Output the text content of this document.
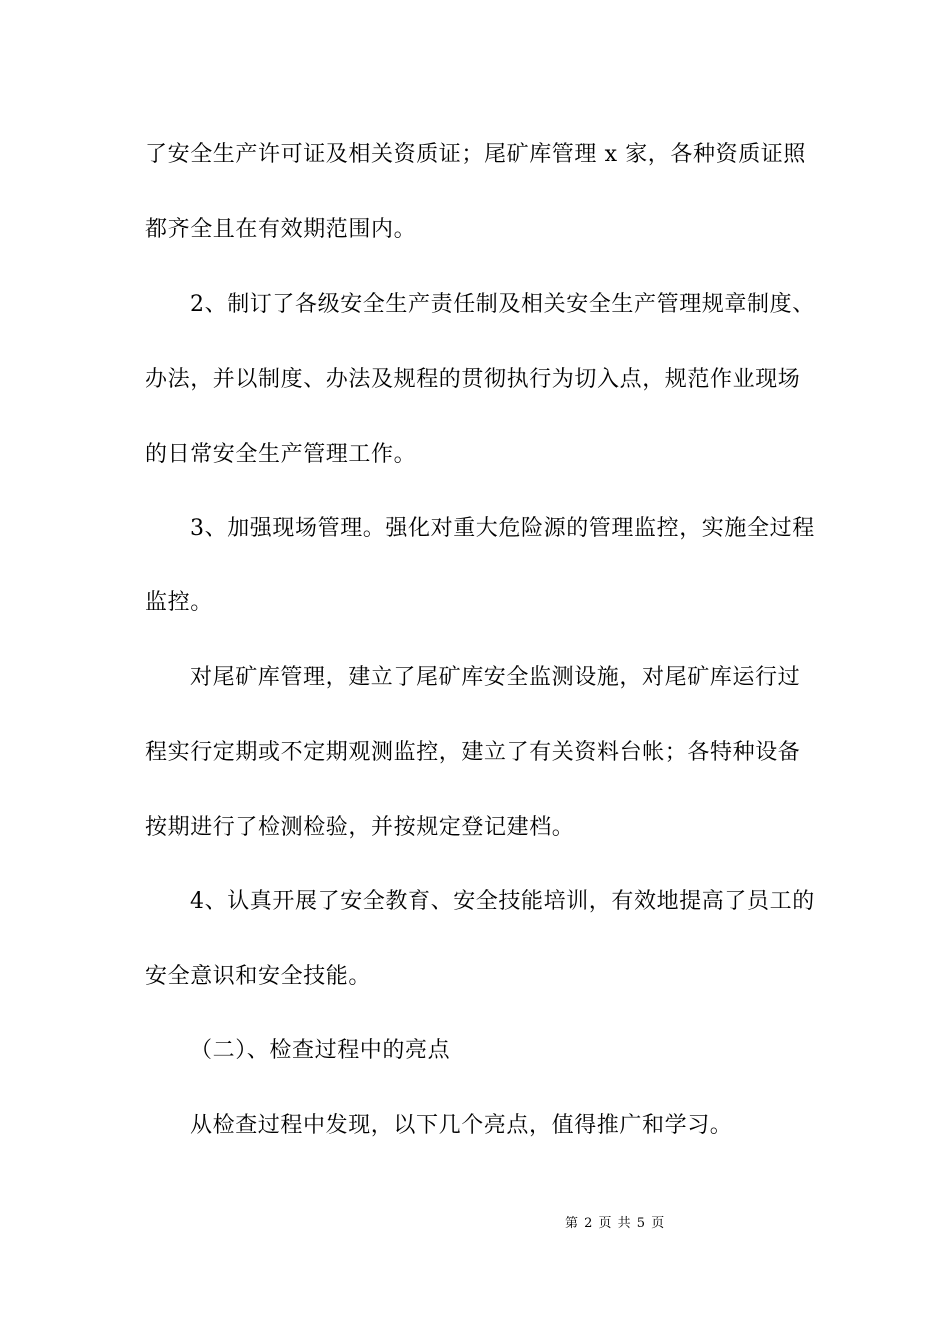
了安全生产许可证及相关资质证；尾矿库管理 x 家，各种资质证照
都齐全且在有效期范围内。
2、制订了各级安全生产责任制及相关安全生产管理规章制度、
办法，并以制度、办法及规程的贯彻执行为切入点，规范作业现场
的日常安全生产管理工作。
3、加强现场管理。强化对重大危险源的管理监控，实施全过程
监控。
对尾矿库管理，建立了尾矿库安全监测设施，对尾矿库运行过
程实行定期或不定期观测监控，建立了有关资料台帐；各特种设备
按期进行了检测检验，并按规定登记建档。
4、认真开展了安全教育、安全技能培训，有效地提高了员工的
安全意识和安全技能。
（二）、检查过程中的亮点
从检查过程中发现，以下几个亮点，值得推广和学习。
第 2 页 共 5 页
